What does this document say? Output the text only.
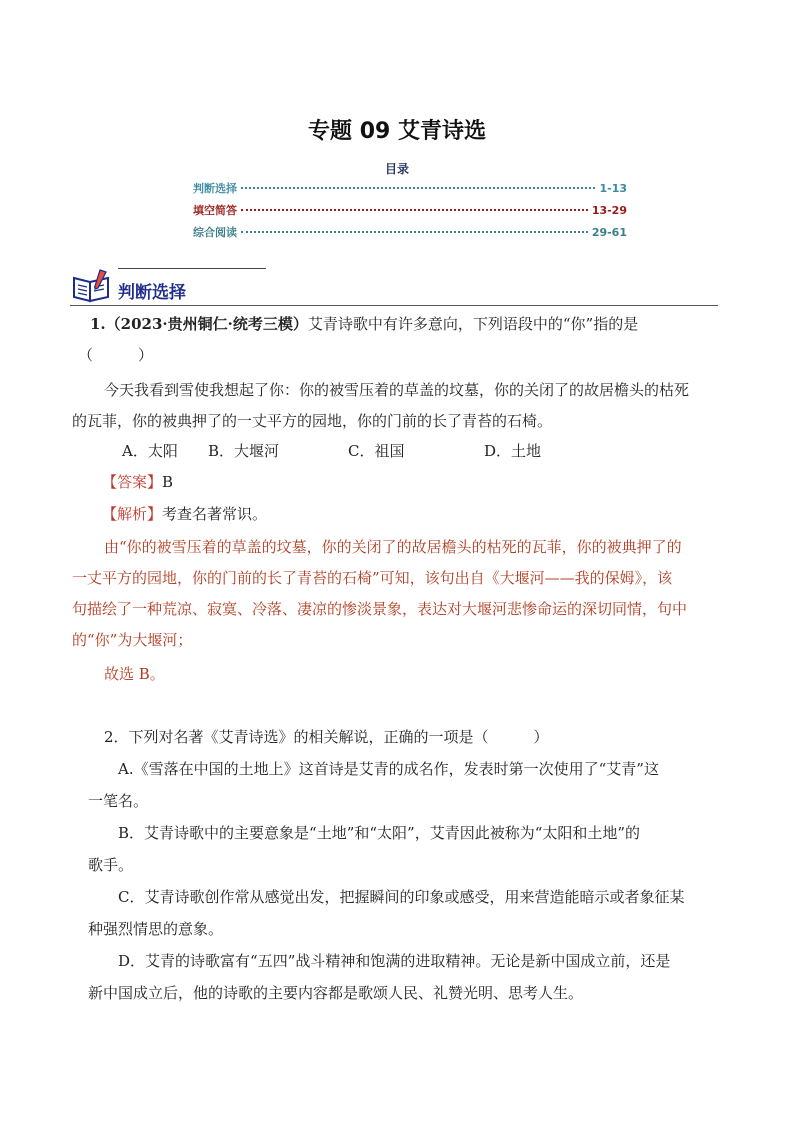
专题 09 艾青诗选
目录
判断选择	1-13
填空简答	13-29
综合阅读	29-61
判断选择
1.（2023·贵州铜仁·统考三模）艾青诗歌中有许多意向，下列语段中的“你”指的是
（　　　）
今天我看到雪使我想起了你：你的被雪压着的草盖的坟墓，你的关闭了的故居檐头的枯死
的瓦菲，你的被典押了的一丈平方的园地，你的门前的长了青苔的石椅。
A．太阳 B．大堰河	C．祖国	D．土地
【答案】B
【解析】考查名著常识。
由“你的被雪压着的草盖的坟墓，你的关闭了的故居檐头的枯死的瓦菲，你的被典押了的
一丈平方的园地，你的门前的长了青苔的石椅”可知，该句出自《大堰河——我的保姆》，该
句描绘了一种荒凉、寂寞、冷落、凄凉的惨淡景象，表达对大堰河悲惨命运的深切同情，句中
的“你”为大堰河；
故选 B。
2．下列对名著《艾青诗选》的相关解说，正确的一项是（　　　）
A.《雪落在中国的土地上》这首诗是艾青的成名作，发表时第一次使用了“艾青”这
一笔名。
B．艾青诗歌中的主要意象是“土地”和“太阳”，艾青因此被称为“太阳和土地”的
歌手。
C．艾青诗歌创作常从感觉出发，把握瞬间的印象或感受，用来营造能暗示或者象征某
种强烈情思的意象。
D．艾青的诗歌富有“五四”战斗精神和饱满的进取精神。无论是新中国成立前，还是
新中国成立后，他的诗歌的主要内容都是歌颂人民、礼赞光明、思考人生。
